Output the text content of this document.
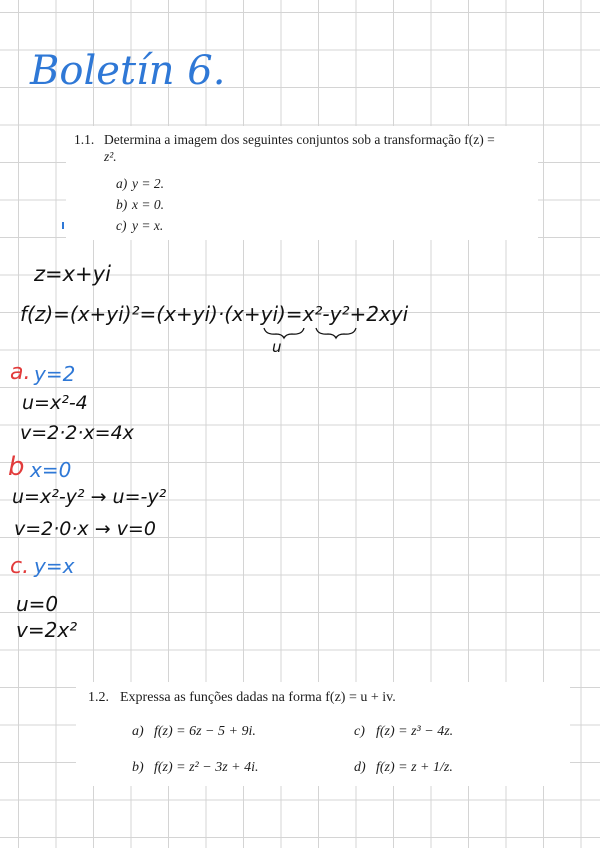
Boletín 6.
1.1. Determina a imagem dos seguintes conjuntos sob a transformação f(z) =
z².
a) y = 2.
b) x = 0.
c) y = x.
z=x+yi
f(z)=(x+yi)²=(x+yi)·(x+yi)=x²-y²+2xyi
u
a. y=2
u=x²-4
v=2·2·x=4x
b x=0
u=x²-y² → u=-y²
v=2·0·x → v=0
c. y=x
u=0
v=2x²
1.2. Expressa as funções dadas na forma f(z) = u + iv.
a) f(z) = 6z − 5 + 9i.	c) f(z) = z³ − 4z.
b) f(z) = z² − 3z + 4i.	d) f(z) = z + 1/z.
